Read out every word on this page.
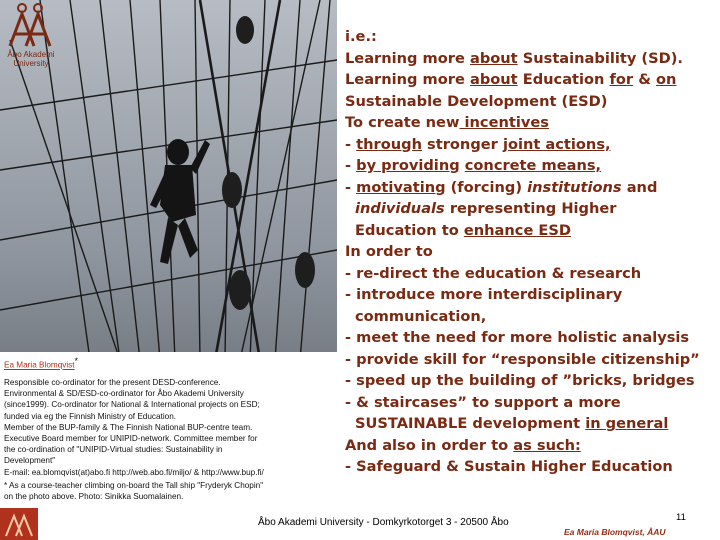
Åbo Akademi
University
Ea Maria Blomqvist*
Responsible co-ordinator for the present DESD-conference.
Environmental & SD/ESD-co-ordinator for Åbo Akademi University
(since1999). Co-ordinator for National & International projects on ESD;
funded via eg the Finnish Ministry of Education.
Member of the BUP-family & The Finnish National BUP-centre team.
Executive Board member for UNIPID-network. Committee member for
the co-ordination of "UNIPID-Virtual studies: Sustainability in
Development"
E-mail: ea.blomqvist(at)abo.fi http://web.abo.fi/miljo/ & http://www.bup.fi/
* As a course-teacher climbing on-board the Tall ship "Fryderyk Chopin"
on the photo above. Photo: Sinikka Suomalainen.
i.e.:
Learning more about Sustainability (SD).
Learning more about Education for & on
Sustainable Development (ESD)
To create new incentives
- through stronger joint actions,
- by providing concrete means,
- motivating (forcing) institutions and
individuals representing Higher
Education to enhance ESD
In order to
- re-direct the education & research
- introduce more interdisciplinary
communication,
- meet the need for more holistic analysis
- provide skill for “responsible citizenship”
- speed up the building of ”bricks, bridges
- & staircases” to support a more
SUSTAINABLE development in general
And also in order to as such:
- Safeguard & Sustain Higher Education
Åbo Akademi University - Domkyrkotorget 3 - 20500 Åbo
Ea Maria Blomqvist, ÅAU
11
